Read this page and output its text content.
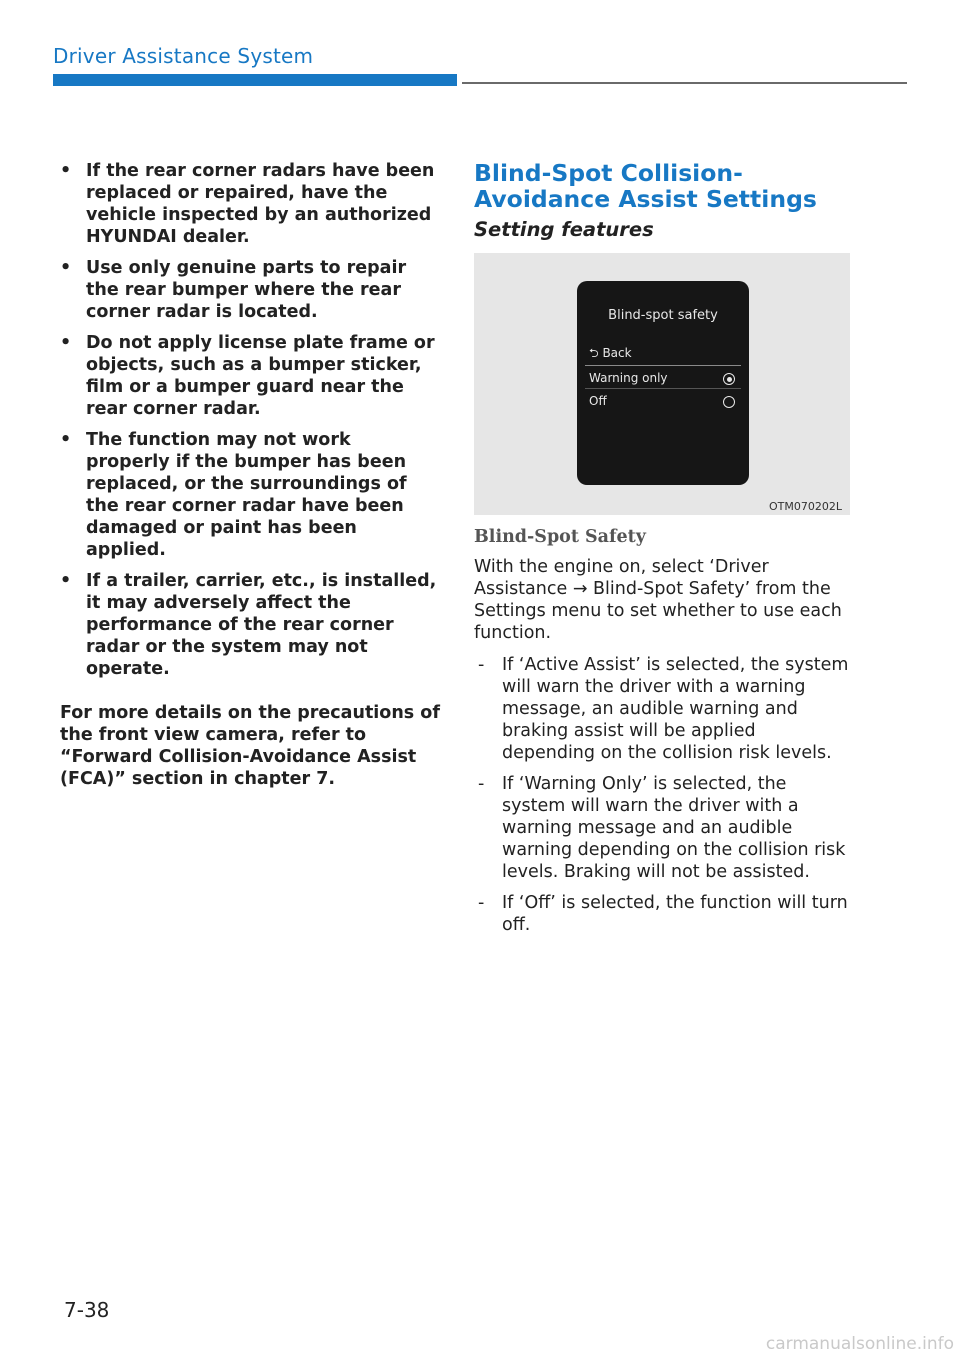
Driver Assistance System
• If the rear corner radars have been replaced or repaired, have the vehicle inspected by an authorized HYUNDAI dealer.
• Use only genuine parts to repair the rear bumper where the rear corner radar is located.
• Do not apply license plate frame or objects, such as a bumper sticker, film or a bumper guard near the rear corner radar.
• The function may not work properly if the bumper has been replaced, or the surroundings of the rear corner radar have been damaged or paint has been applied.
• If a trailer, carrier, etc., is installed, it may adversely affect the performance of the rear corner radar or the system may not operate.

For more details on the precautions of the front view camera, refer to “Forward Collision-Avoidance Assist (FCA)” section in chapter 7.

Blind-Spot Collision-Avoidance Assist Settings
Setting features
Blind-spot safety
⮌ Back
Warning only
Off
OTM070202L
Blind-Spot Safety

With the engine on, select ‘Driver Assistance → Blind-Spot Safety’ from the Settings menu to set whether to use each function.

- If ‘Active Assist’ is selected, the system will warn the driver with a warning message, an audible warning and braking assist will be applied depending on the collision risk levels.
- If ‘Warning Only’ is selected, the system will warn the driver with a warning message and an audible warning depending on the collision risk levels. Braking will not be assisted.
- If ‘Off’ is selected, the function will turn off.
7-38
carmanualsonline.info
